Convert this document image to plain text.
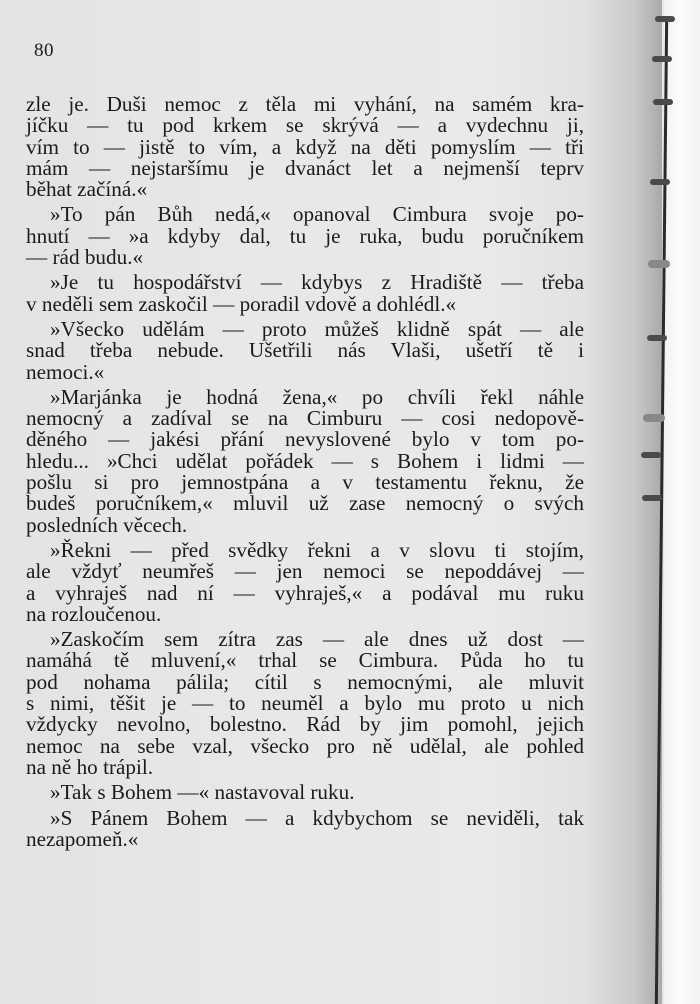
80
zle je. Duši nemoc z těla mi vyhání, na samém kra-
jíčku — tu pod krkem se skrývá — a vydechnu ji,
vím to — jistě to vím, a když na děti pomyslím — tři
mám — nejstaršímu je dvanáct let a nejmenší teprv
běhat začíná.«
»To pán Bůh nedá,« opanoval Cimbura svoje po-
hnutí — »a kdyby dal, tu je ruka, budu poručníkem
— rád budu.«
»Je tu hospodářství — kdybys z Hradiště — třeba
v neděli sem zaskočil — poradil vdově a dohlédl.«
»Všecko udělám — proto můžeš klidně spát — ale
snad třeba nebude. Ušetřili nás Vlaši, ušetří tě i
nemoci.«
»Marjánka je hodná žena,« po chvíli řekl náhle
nemocný a zadíval se na Cimburu — cosi nedopově-
děného — jakési přání nevyslovené bylo v tom po-
hledu... »Chci udělat pořádek — s Bohem i lidmi —
pošlu si pro jemnostpána a v testamentu řeknu, že
budeš poručníkem,« mluvil už zase nemocný o svých
posledních věcech.
»Řekni — před svědky řekni a v slovu ti stojím,
ale vždyť neumřeš — jen nemoci se nepoddávej —
a vyhraješ nad ní — vyhraješ,« a podával mu ruku
na rozloučenou.
»Zaskočím sem zítra zas — ale dnes už dost —
namáhá tě mluvení,« trhal se Cimbura. Půda ho tu
pod nohama pálila; cítil s nemocnými, ale mluvit
s nimi, těšit je — to neuměl a bylo mu proto u nich
vždycky nevolno, bolestno. Rád by jim pomohl, jejich
nemoc na sebe vzal, všecko pro ně udělal, ale pohled
na ně ho trápil.
»Tak s Bohem —« nastavoval ruku.
»S Pánem Bohem — a kdybychom se neviděli, tak
nezapomeň.«
